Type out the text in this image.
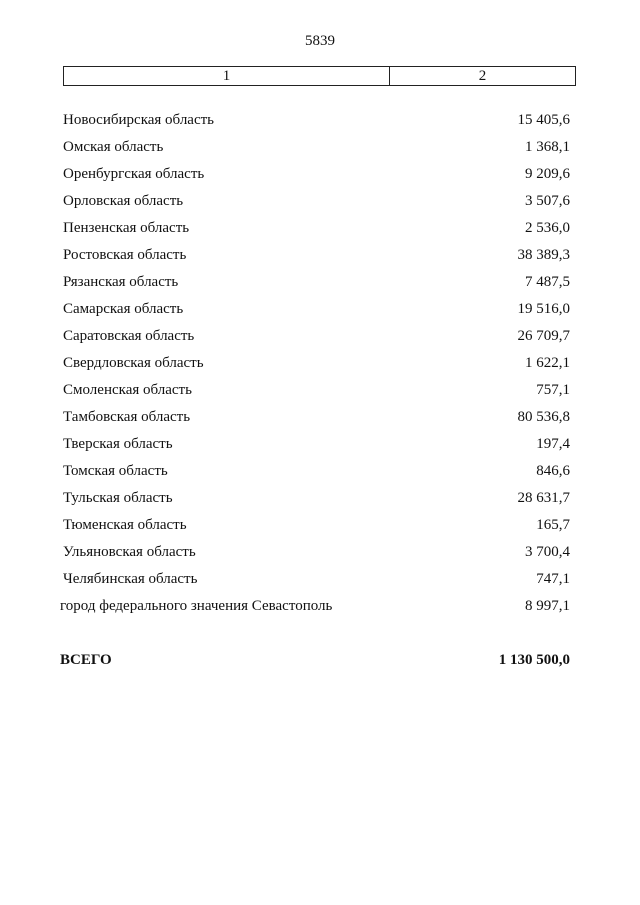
5839
1	2
Новосибирская область	15 405,6
Омская область	1 368,1
Оренбургская область	9 209,6
Орловская область	3 507,6
Пензенская область	2 536,0
Ростовская область	38 389,3
Рязанская область	7 487,5
Самарская область	19 516,0
Саратовская область	26 709,7
Свердловская область	1 622,1
Смоленская область	757,1
Тамбовская область	80 536,8
Тверская область	197,4
Томская область	846,6
Тульская область	28 631,7
Тюменская область	165,7
Ульяновская область	3 700,4
Челябинская область	747,1
город федерального значения Севастополь	8 997,1
ВСЕГО	1 130 500,0
